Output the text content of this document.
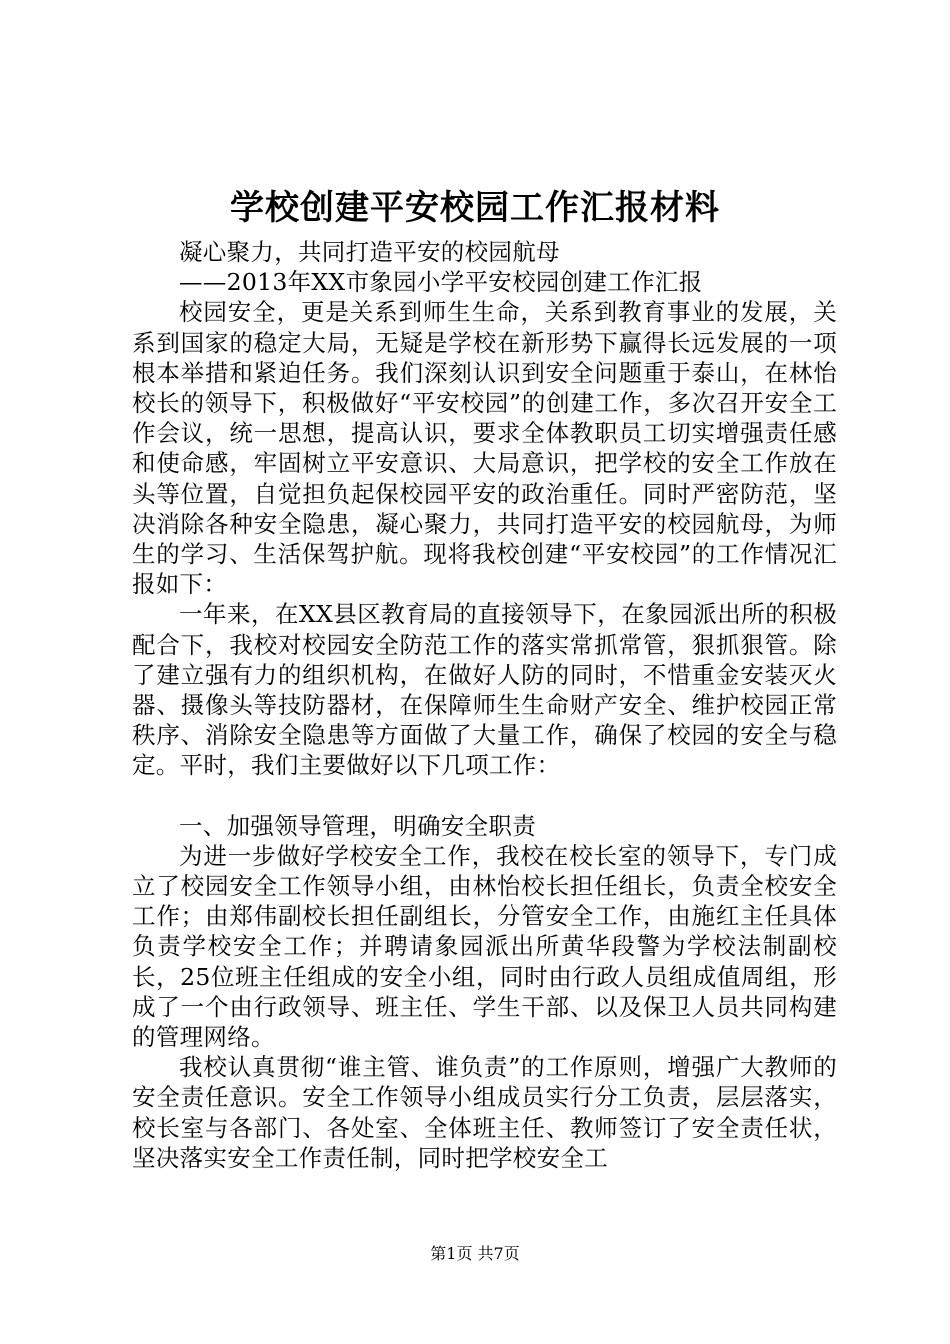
学校创建平安校园工作汇报材料

凝心聚力，共同打造平安的校园航母

——2013年XX市象园小学平安校园创建工作汇报

校园安全，更是关系到师生生命，关系到教育事业的发展，关系到国家的稳定大局，无疑是学校在新形势下赢得长远发展的一项根本举措和紧迫任务。我们深刻认识到安全问题重于泰山，在林怡校长的领导下，积极做好“平安校园”的创建工作，多次召开安全工作会议，统一思想，提高认识，要求全体教职员工切实增强责任感和使命感，牢固树立平安意识、大局意识，把学校的安全工作放在头等位置，自觉担负起保校园平安的政治重任。同时严密防范，坚决消除各种安全隐患，凝心聚力，共同打造平安的校园航母，为师生的学习、生活保驾护航。现将我校创建“平安校园”的工作情况汇报如下：

一年来，在XX县区教育局的直接领导下，在象园派出所的积极配合下，我校对校园安全防范工作的落实常抓常管，狠抓狠管。除了建立强有力的组织机构，在做好人防的同时，不惜重金安装灭火器、摄像头等技防器材，在保障师生生命财产安全、维护校园正常秩序、消除安全隐患等方面做了大量工作，确保了校园的安全与稳定。平时，我们主要做好以下几项工作：

一、加强领导管理，明确安全职责

为进一步做好学校安全工作，我校在校长室的领导下，专门成立了校园安全工作领导小组，由林怡校长担任组长，负责全校安全工作；由郑伟副校长担任副组长，分管安全工作，由施红主任具体负责学校安全工作；并聘请象园派出所黄华段警为学校法制副校长，25位班主任组成的安全小组，同时由行政人员组成值周组，形成了一个由行政领导、班主任、学生干部、以及保卫人员共同构建的管理网络。

我校认真贯彻“谁主管、谁负责”的工作原则，增强广大教师的安全责任意识。安全工作领导小组成员实行分工负责，层层落实，校长室与各部门、各处室、全体班主任、教师签订了安全责任状，坚决落实安全工作责任制，同时把学校安全工

第1页 共7页
